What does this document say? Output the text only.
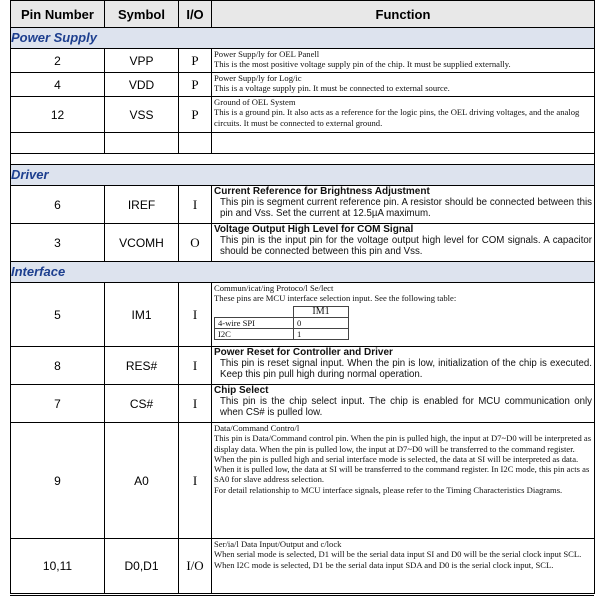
Pin Number	Symbol	I/O	Function
Power Supply
2	VPP	P	Power Supp/ly for OEL Panell
This is the most positive voltage supply pin of the chip. It must be supplied externally.

4	VDD	P	Power Supp/ly for Log/ic
This is a voltage supply pin. It must be connected to external source.

12	VSS	P	
Ground of OEL System
This is a ground pin. It also acts as a reference for the logic pins, the OEL driving voltages, and the analog circuits. It must be connected to external ground.

Driver
6	IREF	I	
Current Reference for Brightness Adjustment
This pin is segment current reference pin. A resistor should be connected between this pin and Vss. Set the current at 12.5µA maximum.

3	VCOMH	O	
Voltage Output High Level for COM Signal
This pin is the input pin for the voltage output high level for COM signals. A capacitor should be connected between this pin and Vss.

Interface
5	IM1	I	
Commun/icat/ing Protoco/l Se/lect
These pins are MCU interface selection input. See the following table:
	IM1
4-wire SPI	0
I2C	1

8	RES#	I	
Power Reset for Controller and Driver
This pin is reset signal input. When the pin is low, initialization of the chip is executed. Keep this pin pull high during normal operation.

7	CS#	I	
Chip Select
This pin is the chip select input. The chip is enabled for MCU communication only when CS# is pulled low.

9	A0	I	
Data/Command Contro/l
This pin is Data/Command control pin. When the pin is pulled high, the input at D7~D0 will be interpreted as display data. When the pin is pulled low, the input at D7~D0 will be transferred to the command register.
When the pin is pulled high and serial interface mode is selected, the data at SI will be interpreted as data. When it is pulled low, the data at SI will be transferred to the command register. In I2C mode, this pin acts as SA0 for slave address selection.
For detail relationship to MCU interface signals, please refer to the Timing Characteristics Diagrams.

10,11	D0,D1	I/O	
Ser/ia/l Data Input/Output and c/lock
When serial mode is selected, D1 will be the serial data input SI and D0 will be the serial clock input SCL.
When I2C mode is selected, D1 be the serial data input SDA and D0 is the serial clock input, SCL.
